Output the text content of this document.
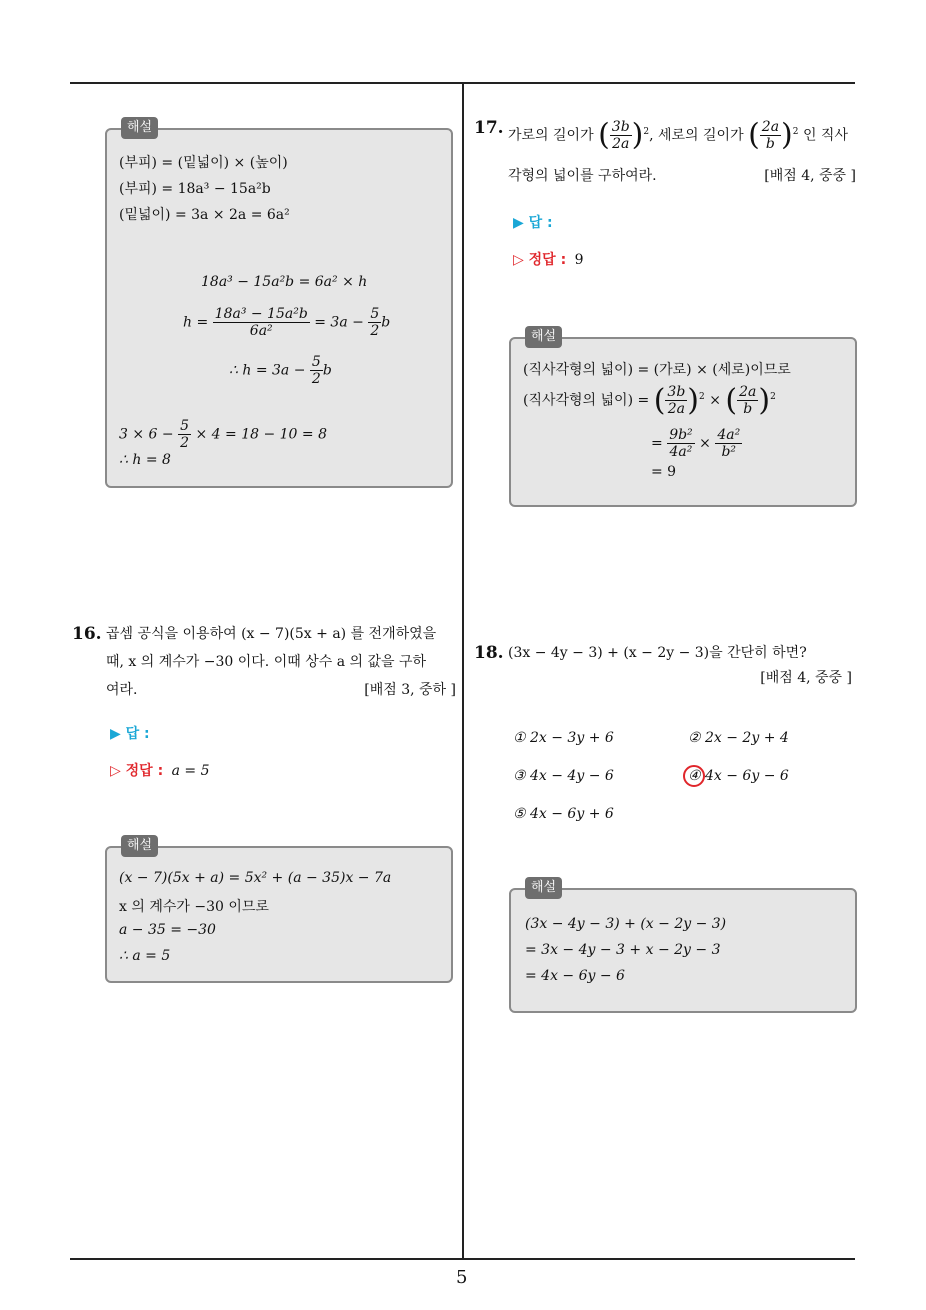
5
해설
(부피) = (밑넓이) × (높이)
(부피) = 18a³ − 15a²b
(밑넓이) = 3a × 2a = 6a²
18a³ − 15a²b = 6a² × h
$h = \frac{\text{18a³ − 15a²b}}{\text{6a²}} = 3a - \frac{5}{2}$ b
∴ $h = 3a - \frac{5}{2}$ b
$3 \times 6 - \frac{5}{2} \times 4 = 18 - 10 = 8$
∴ h = 8
16. 곱셈 공식을 이용하여 (x − 7)(5x + a) 를 전개하였을
때, x 의 계수가 −30 이다. 이때 상수 a 의 값을 구하
여라.	[배점 3, 중하 ]
▶ 답 :
▷ 정답 : a = 5
해설
(x − 7)(5x + a) = 5x² + (a − 35)x − 7a
x 의 계수가 −30 이므로
a − 35 = −30
∴ a = 5
17. 가로의 길이가 ( $\frac{3b}{2a} )^2$, 세로의 길이가 ( $\frac{2a}{b} )^2$ 인 직사
각형의 넓이를 구하여라.	[배점 4, 중중 ]
▶ 답 :
▷ 정답 : 9
해설
(직사각형의 넓이) = (가로) × (세로)이므로
(직사각형의 넓이) = ( $\frac{3b}{2a} )^2$ × ( $\frac{2a}{b} )^2$
= $\frac{\text{9b²}}{\text{4a²}} \times \frac{\text{4a²}}{\text{b²}}$
= 9
18. (3x − 4y − 3) + (x − 2y − 3)을 간단히 하면?
[배점 4, 중중 ]
① 2x − 3y + 6	② 2x − 2y + 4
③ 4x − 4y − 6	④ 4x − 6y − 6
⑤ 4x − 6y + 6
해설
(3x − 4y − 3) + (x − 2y − 3)
= 3x − 4y − 3 + x − 2y − 3
= 4x − 6y − 6
